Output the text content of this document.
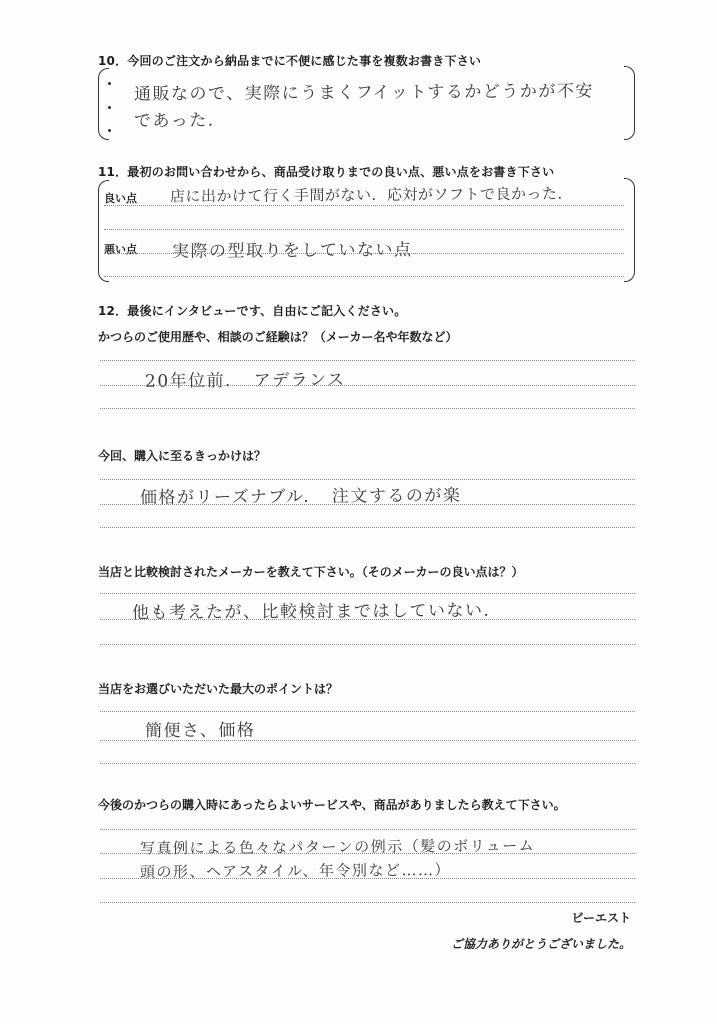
10．今回のご注文から納品までに不便に感じた事を複数お書き下さい
通販なので、実際にうまくフイットするかどうかが不安
であった．
11．最初のお問い合わせから、商品受け取りまでの良い点、悪い点をお書き下さい
良い点 店に出かけて行く手間がない．応対がソフトで良かった．
悪い点 実際の型取りをしていない点
12．最後にインタビューです、自由にご記入ください。
かつらのご使用歴や、相談のご経験は？（メーカー名や年数など）
20年位前．　アデランス
今回、購入に至るきっかけは？
価格がリーズナブル．　注文するのが楽
当店と比較検討されたメーカーを教えて下さい。（そのメーカーの良い点は？）
他も考えたが、比較検討まではしていない．
当店をお選びいただいた最大のポイントは？
簡便さ、価格
今後のかつらの購入時にあったらよいサービスや、商品がありましたら教えて下さい。
写真例による色々なパターンの例示（髪のボリューム
頭の形、ヘアスタイル、年令別など……）
ビーエスト
ご協力ありがとうございました。
